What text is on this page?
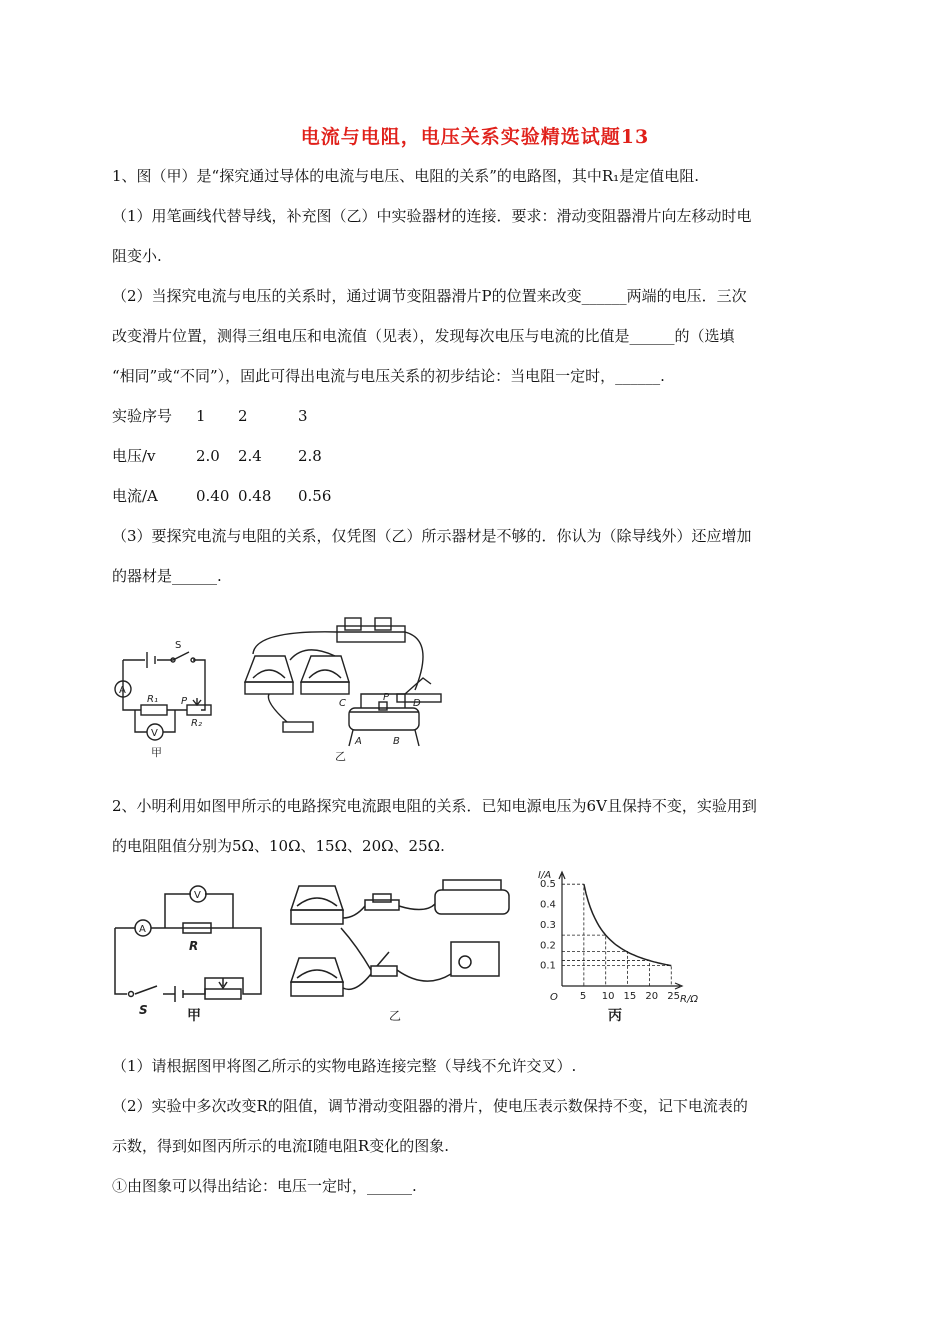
电流与电阻，电压关系实验精选试题13
1、图（甲）是“探究通过导体的电流与电压、电阻的关系”的电路图，其中R₁是定值电阻.
（1）用笔画线代替导线，补充图（乙）中实验器材的连接．要求：滑动变阻器滑片向左移动时电
阻变小.
（2）当探究电流与电压的关系时，通过调节变阻器滑片P的位置来改变______两端的电压．三次
改变滑片位置，测得三组电压和电流值（见表），发现每次电压与电流的比值是______的（选填
“相同”或“不同”），固此可得出电流与电压关系的初步结论：当电阻一定时，______.
实验序号 1 2	3
电压/v	2.0 2.4 2.8
电流/A	0.40 0.48 0.56
（3）要探究电流与电阻的关系，仅凭图（乙）所示器材是不够的．你认为（除导线外）还应增加
的器材是______.
S
A
V
R₁
R₂
P
甲
C
P
D
A	B
乙
2、小明利用如图甲所示的电路探究电流跟电阻的关系．已知电源电压为6V且保持不变，实验用到
的电阻阻值分别为5Ω、10Ω、15Ω、20Ω、25Ω.
A
V
R
S	甲	乙
5 10 15 20 25
0.1
0.2
0.3
0.4
0.5
I/A
R/Ω
O
丙
（1）请根据图甲将图乙所示的实物电路连接完整（导线不允许交叉）.
（2）实验中多次改变R的阻值，调节滑动变阻器的滑片，使电压表示数保持不变，记下电流表的
示数，得到如图丙所示的电流I随电阻R变化的图象.
①由图象可以得出结论：电压一定时，______.
